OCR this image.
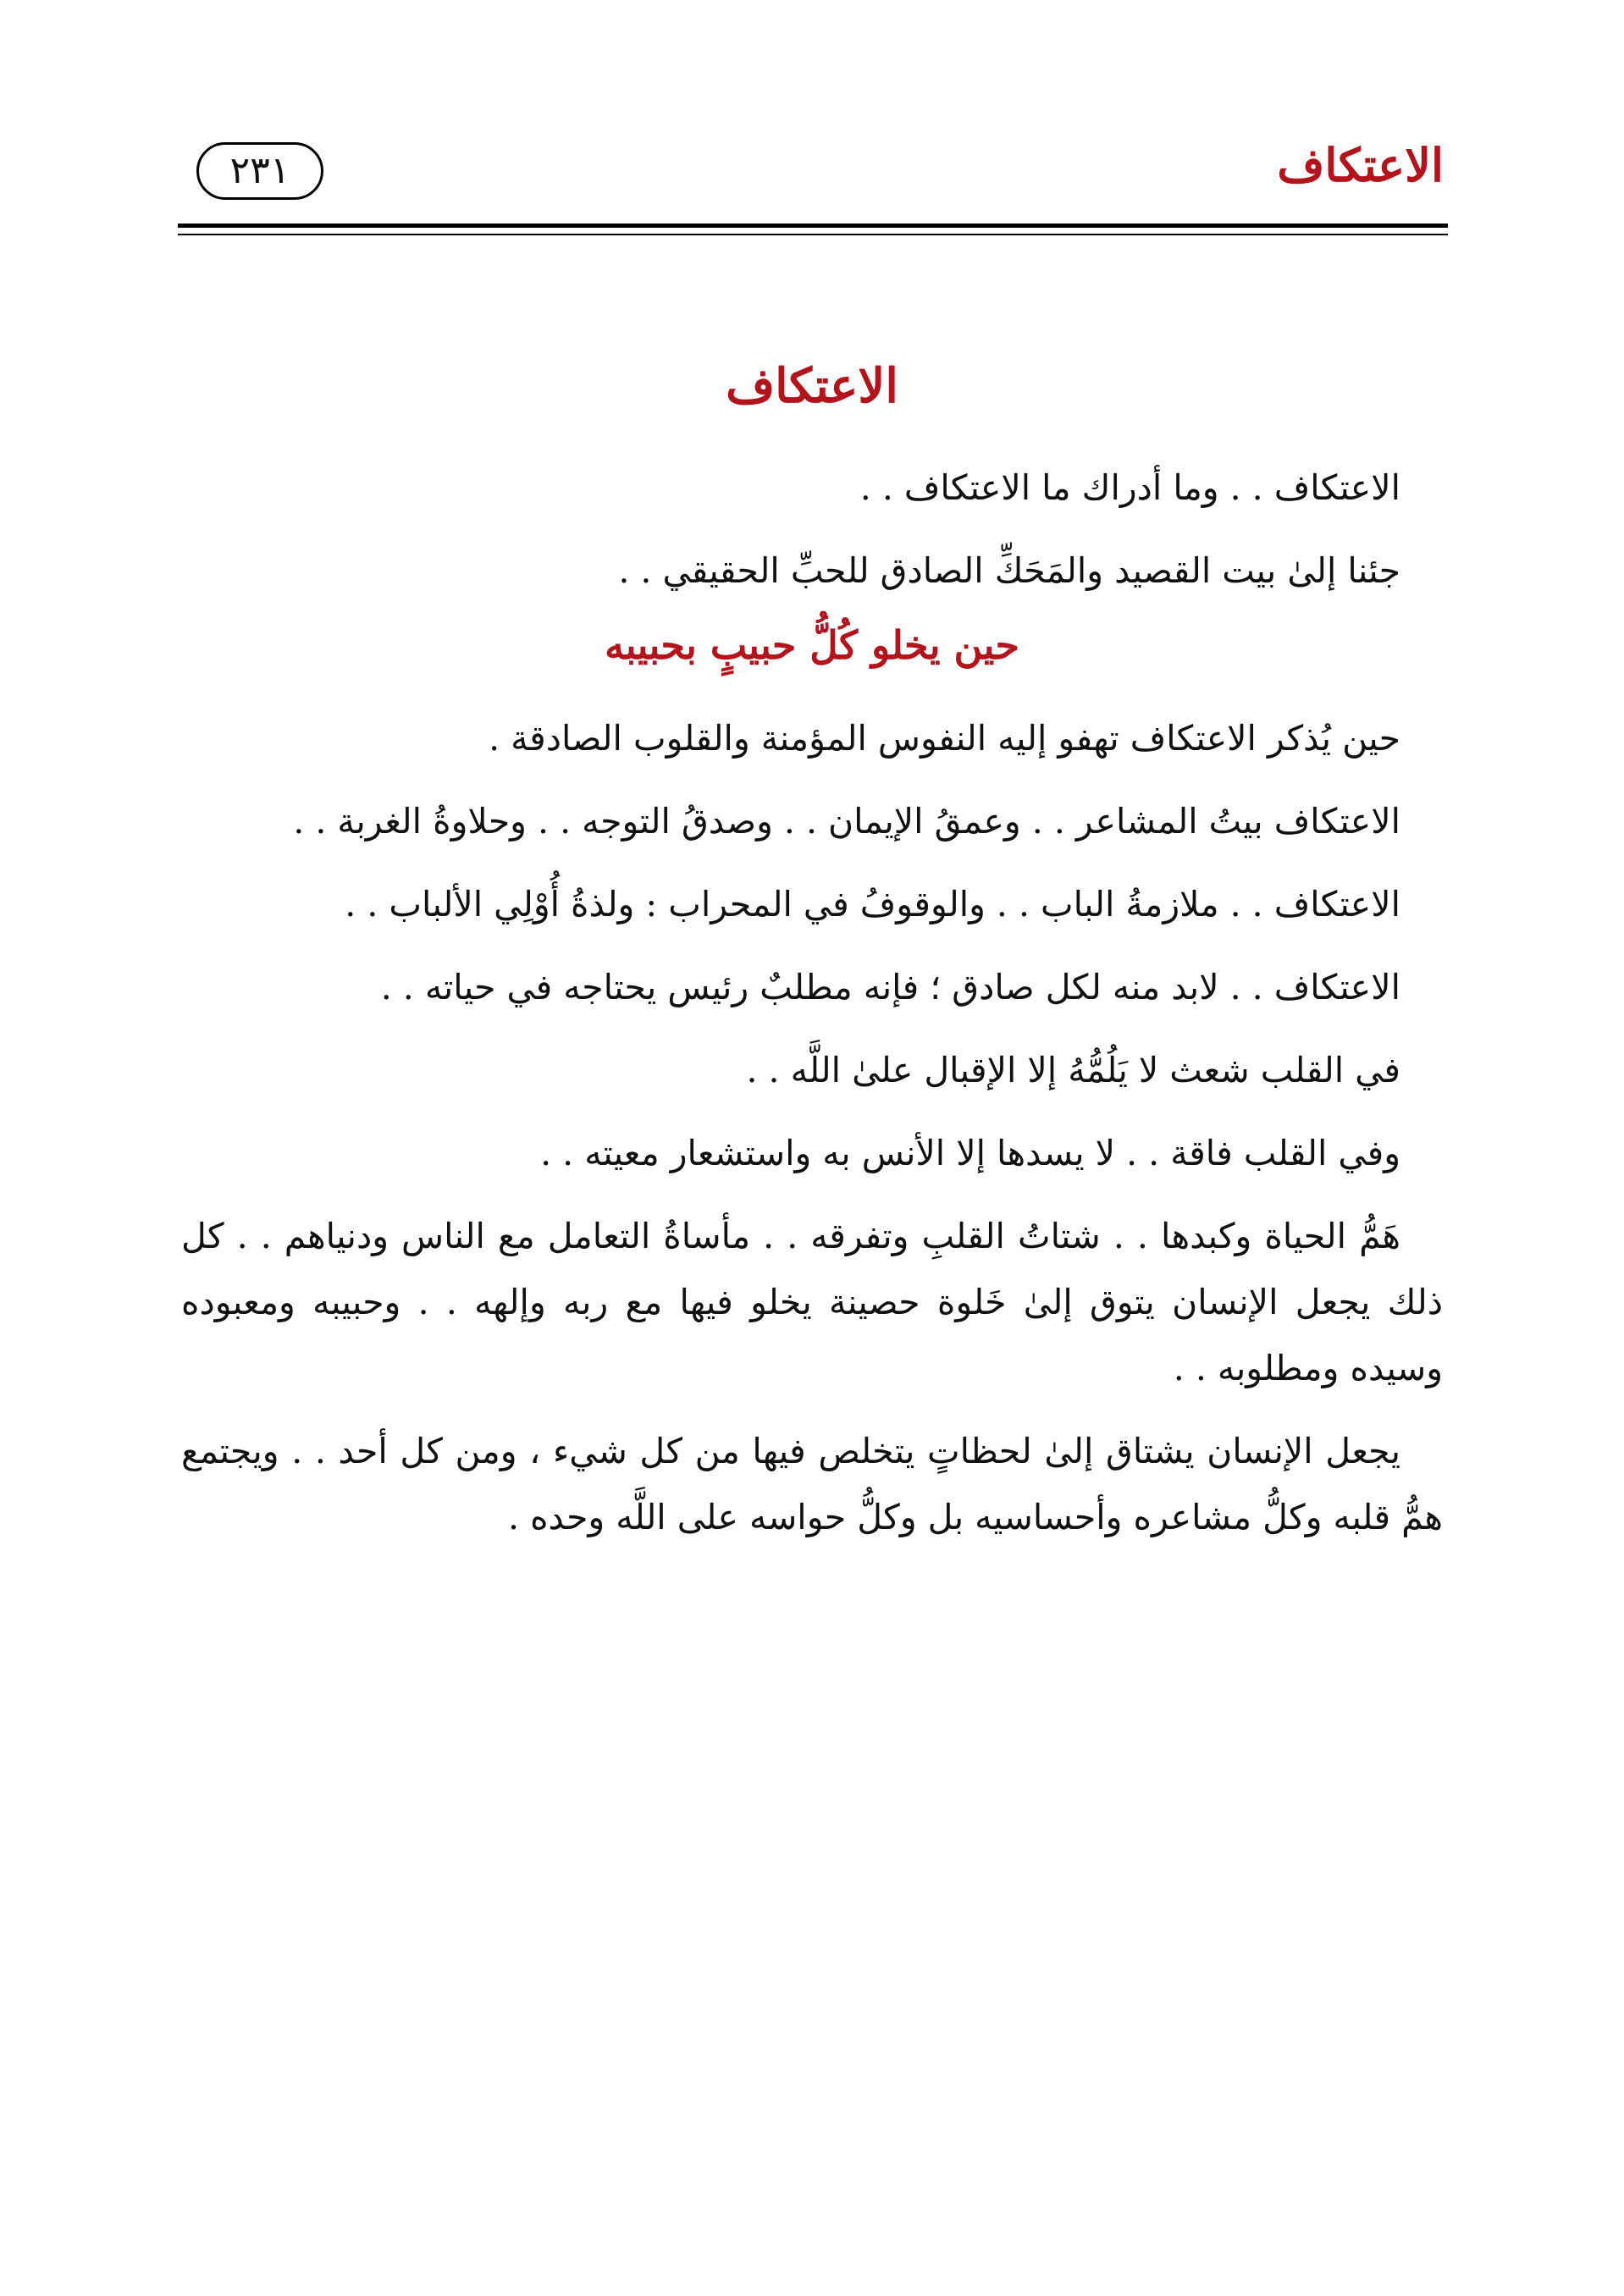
الاعتكاف
٢٣١
الاعتكاف

الاعتكاف . . وما أدراك ما الاعتكاف . .

جئنا إلىٰ بيت القصيد والمَحَكِّ الصادق للحبِّ الحقيقي . .

حين يخلو كُلُّ حبيبٍ بحبيبه

حين يُذكر الاعتكاف تهفو إليه النفوس المؤمنة والقلوب الصادقة .

الاعتكاف بيتُ المشاعر . . وعمقُ الإيمان . . وصدقُ التوجه . . وحلاوةُ الغربة . .

الاعتكاف . . ملازمةُ الباب . . والوقوفُ في المحراب : ولذةُ أُوْلِي الألباب . .

الاعتكاف . . لابد منه لكل صادق ؛ فإنه مطلبٌ رئيس يحتاجه في حياته . .

في القلب شعث لا يَلُمُّهُ إلا الإقبال علىٰ اللَّه . .

وفي القلب فاقة . . لا يسدها إلا الأنس به واستشعار معيته . .

هَمُّ الحياة وكبدها . . شتاتُ القلبِ وتفرقه . . مأساةُ التعامل مع الناس ودنياهم . . كل ذلك يجعل الإنسان يتوق إلىٰ خَلوة حصينة يخلو فيها مع ربه وإلهه . . وحبيبه ومعبوده وسيده ومطلوبه . .

يجعل الإنسان يشتاق إلىٰ لحظاتٍ يتخلص فيها من كل شيء ، ومن كل أحد . . ويجتمع همُّ قلبه وكلُّ مشاعره وأحساسيه بل وكلُّ حواسه على اللَّه وحده .
